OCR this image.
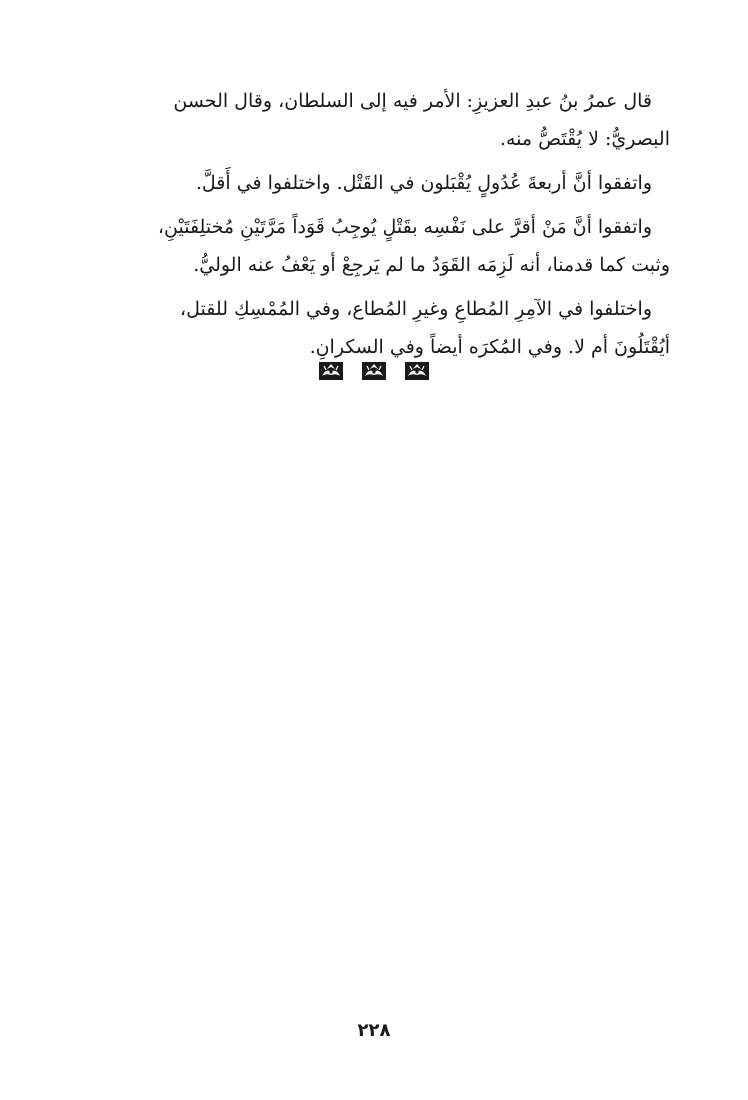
قال عمرُ بنُ عبدِ العزيزِ: الأمر فيه إلى السلطان، وقال الحسن
البصريُّ: لا يُقْتَصُّ منه.
واتفقوا أنَّ أربعةَ عُدُولٍ يُقْبَلون في القَتْل. واختلفوا في أَقلَّ.
واتفقوا أنَّ مَنْ أقرَّ على نَفْسِه بقَتْلٍ يُوجِبُ قَوَداً مَرَّتَيْنِ مُختلِفَتَيْنِ،
وثبت كما قدمنا، أنه لَزِمَه القَوَدُ ما لم يَرجِعْ أو يَعْفُ عنه الوليُّ.
واختلفوا في الآمِرِ المُطاعِ وغيرِ المُطاع، وفي المُمْسِكِ للقتل،
أيُقْتَلُونَ أم لا. وفي المُكرَه أيضاً وفي السكرانِ.
٢٢٨
